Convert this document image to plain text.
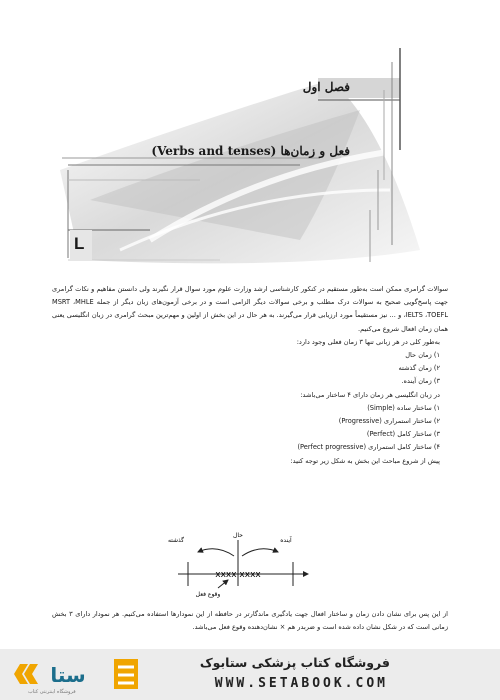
فصل اول
فعل و زمان‌ها (Verbs and tenses)
L

سوالات گرامری ممکن است به‌طور مستقیم در کنکور کارشناسی ارشد وزارت علوم مورد سوال قرار نگیرند ولی دانستن مفاهیم و نکات گرامری جهت پاسخ‌گویی صحیح به سوالات درک مطلب و برخی سوالات دیگر الزامی است و در برخی آزمون‌های زبان دیگر از جمله MSRT ،MHLE ،IELTS ،TOEFL و ... نیز مستقیماً مورد ارزیابی قرار می‌گیرند. به هر حال در این بخش از اولین و مهم‌ترین مبحث گرامری در زبان انگلیسی یعنی همان زمان افعال شروع می‌کنیم.

به‌طور کلی در هر زبانی تنها ۳ زمان فعلی وجود دارد:

۱) زمان حال

۲) زمان گذشته

۳) زمان آینده.

در زبان انگلیسی هر زمان دارای ۴ ساختار می‌باشد:

۱) ساختار ساده (Simple)

۲) ساختار استمراری (Progressive)

۳) ساختار کامل (Perfect)

۴) ساختار کامل استمراری (Perfect progressive)

پیش از شروع مباحث این بخش به شکل زیر توجه کنید:

xxxx xxxx
حال
گذشته	آینده
وقوع فعل
از این پس برای نشان دادن زمان و ساختار افعال جهت یادگیری ماندگارتر در حافظه از این نمودارها استفاده می‌کنیم. هر نمودار دارای ۳ بخش زمانی است که در شکل نشان داده شده است و ضربدر هم × نشان‌دهنده وقوع فعل می‌باشد.
ستا
فروشگاه اینترنتی کتاب
فروشگاه کتاب پزشکی ستابوک
WWW.SETABOOK.COM
